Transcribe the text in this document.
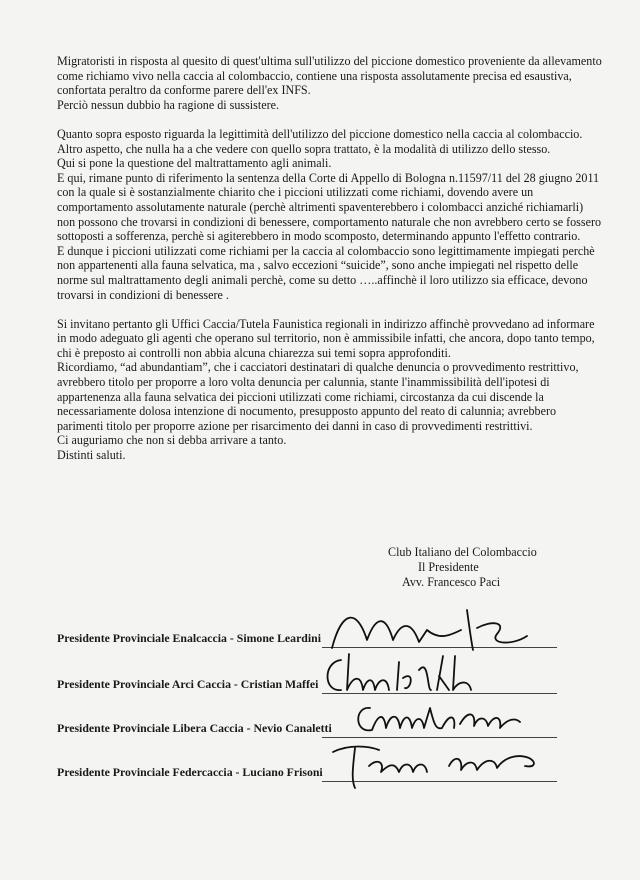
Migratoristi in risposta al quesito di quest'ultima sull'utilizzo del piccione domestico proveniente da allevamento come richiamo vivo nella caccia al colombaccio, contiene una risposta assolutamente precisa ed esaustiva, confortata peraltro da conforme parere dell'ex INFS.

Perciò nessun dubbio ha ragione di sussistere.

Quanto sopra esposto riguarda la legittimità dell'utilizzo del piccione domestico nella caccia al colombaccio.

Altro aspetto, che nulla ha a che vedere con quello sopra trattato, è la modalità di utilizzo dello stesso.

Qui si pone la questione del maltrattamento agli animali.

E qui, rimane punto di riferimento la sentenza della Corte di Appello di Bologna n.11597/11 del 28 giugno 2011 con la quale si è sostanzialmente chiarito che i piccioni utilizzati come richiami, dovendo avere un comportamento assolutamente naturale (perchè altrimenti spaventerebbero i colombacci anziché richiamarli) non possono che trovarsi in condizioni di benessere, comportamento naturale che non avrebbero certo se fossero sottoposti a sofferenza, perchè si agiterebbero in modo scomposto, determinando appunto l'effetto contrario.

E dunque i piccioni utilizzati come richiami per la caccia al colombaccio sono legittimamente impiegati perchè non appartenenti alla fauna selvatica, ma , salvo eccezioni “suicide”, sono anche impiegati nel rispetto delle norme sul maltrattamento degli animali perchè, come su detto …..affinchè il loro utilizzo sia efficace, devono trovarsi in condizioni di benessere .

Si invitano pertanto gli Uffici Caccia/Tutela Faunistica regionali in indirizzo affinchè provvedano ad informare in modo adeguato gli agenti che operano sul territorio, non è ammissibile infatti, che ancora, dopo tanto tempo, chi è preposto ai controlli non abbia alcuna chiarezza sui temi sopra approfonditi.

Ricordiamo, “ad abundantiam”, che i cacciatori destinatari di qualche denuncia o provvedimento restrittivo, avrebbero titolo per proporre a loro volta denuncia per calunnia, stante l'inammissibilità dell'ipotesi di appartenenza alla fauna selvatica dei piccioni utilizzati come richiami, circostanza da cui discende la necessariamente dolosa intenzione di nocumento, presupposto appunto del reato di calunnia; avrebbero parimenti titolo per proporre azione per risarcimento dei danni in caso di provvedimenti restrittivi.

Ci auguriamo che non si debba arrivare a tanto.

Distinti saluti.

Club Italiano del Colombaccio
Il Presidente
Avv. Francesco Paci
Presidente Provinciale Enalcaccia - Simone Leardini
Presidente Provinciale Arci Caccia - Cristian Maffei
Presidente Provinciale Libera Caccia - Nevio Canaletti
Presidente Provinciale Federcaccia - Luciano Frisoni
